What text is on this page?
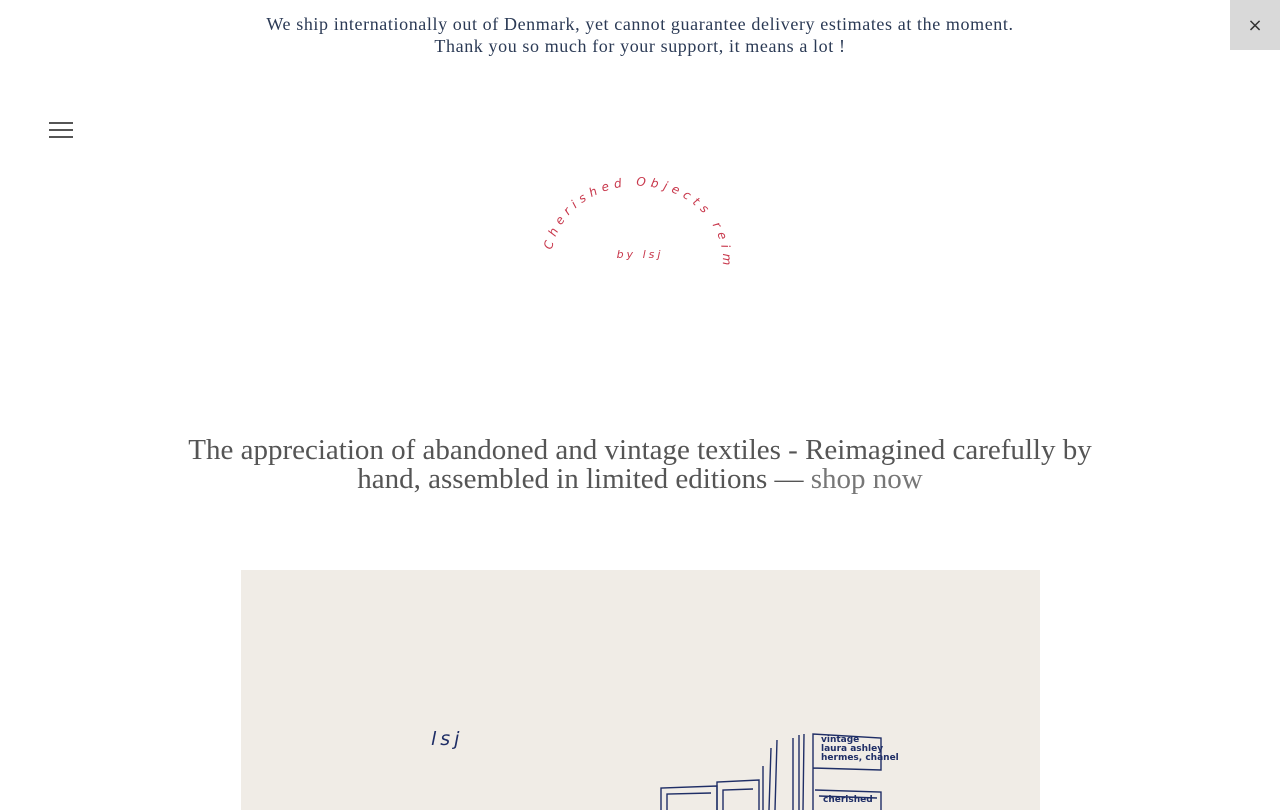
We ship internationally out of Denmark, yet cannot guarantee delivery estimates at the moment.
Thank you so much for your support, it means a lot !
×
Cherished Objects reim
by lsj
The appreciation of abandoned and vintage textiles - Reimagined carefully by hand, assembled in limited editions — shop now
lsj	vintage
laura ashley
hermes, chanel
cherished
